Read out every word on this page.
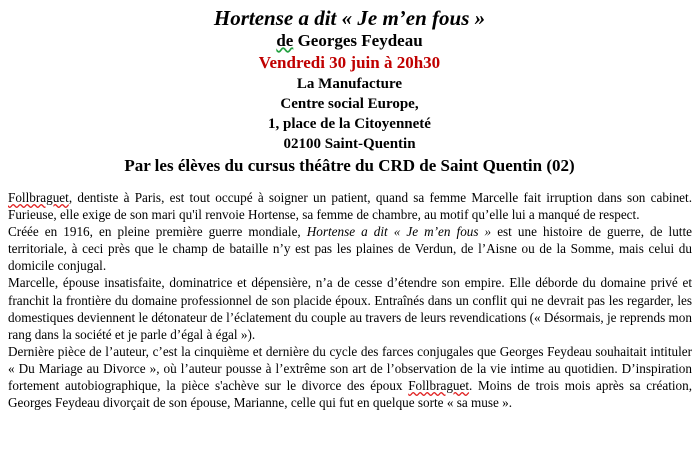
Hortense a dit « Je m’en fous »
de Georges Feydeau
Vendredi 30 juin à 20h30
La Manufacture
Centre social Europe,
1, place de la Citoyenneté
02100 Saint-Quentin
Par les élèves du cursus théâtre du CRD de Saint Quentin (02)

Follbraguet, dentiste à Paris, est tout occupé à soigner un patient, quand sa femme Marcelle fait irruption dans son cabinet. Furieuse, elle exige de son mari qu'il renvoie Hortense, sa femme de chambre, au motif qu’elle lui a manqué de respect.

Créée en 1916, en pleine première guerre mondiale, Hortense a dit « Je m’en fous » est une histoire de guerre, de lutte territoriale, à ceci près que le champ de bataille n’y est pas les plaines de Verdun, de l’Aisne ou de la Somme, mais celui du domicile conjugal.

Marcelle, épouse insatisfaite, dominatrice et dépensière, n’a de cesse d’étendre son empire. Elle déborde du domaine privé et franchit la frontière du domaine professionnel de son placide époux. Entraînés dans un conflit qui ne devrait pas les regarder, les domestiques deviennent le détonateur de l’éclatement du couple au travers de leurs revendications (« Désormais, je reprends mon rang dans la société et je parle d’égal à égal »).

Dernière pièce de l’auteur, c’est la cinquième et dernière du cycle des farces conjugales que Georges Feydeau souhaitait intituler « Du Mariage au Divorce », où l’auteur pousse à l’extrême son art de l’observation de la vie intime au quotidien. D’inspiration fortement autobiographique, la pièce s'achève sur le divorce des époux Follbraguet. Moins de trois mois après sa création, Georges Feydeau divorçait de son épouse, Marianne, celle qui fut en quelque sorte « sa muse ».
